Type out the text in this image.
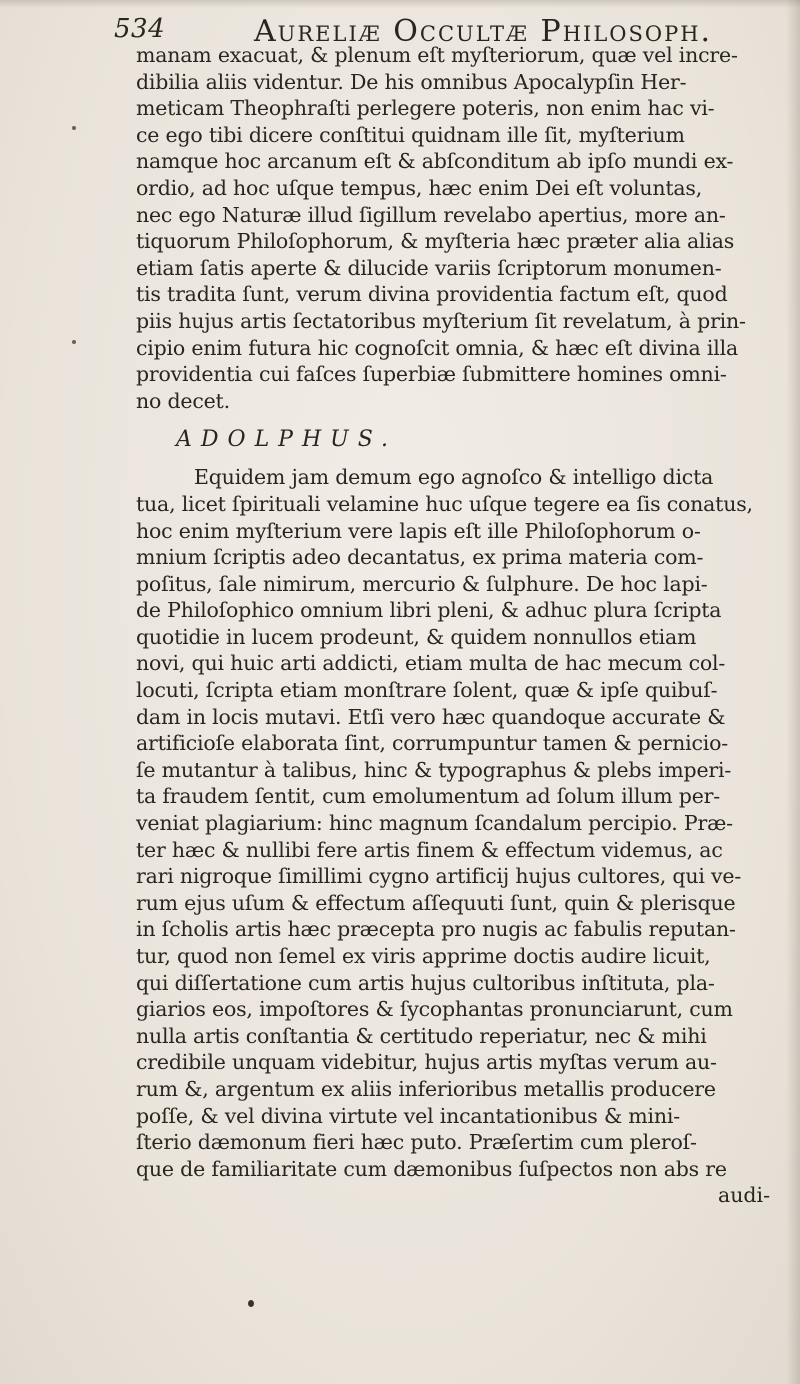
534	Aureliæ Occultæ Philosoph.
manam exacuat, & plenum eſt myſteriorum, quæ vel incre-
dibilia aliis videntur. De his omnibus Apocalypſin Her-
meticam Theophraſti perlegere poteris, non enim hac vi-
ce ego tibi dicere conſtitui quidnam ille ſit, myſterium
namque hoc arcanum eſt & abſconditum ab ipſo mundi ex-
ordio, ad hoc uſque tempus, hæc enim Dei eſt voluntas,
nec ego Naturæ illud ſigillum revelabo apertius, more an-
tiquorum Philoſophorum, & myſteria hæc præter alia alias
etiam ſatis aperte & dilucide variis ſcriptorum monumen-
tis tradita ſunt, verum divina providentia factum eſt, quod
piis hujus artis ſectatoribus myſterium ſit revelatum, à prin-
cipio enim futura hic cognoſcit omnia, & hæc eſt divina illa
providentia cui faſces ſuperbiæ ſubmittere homines omni-
no decet.
ADOLPHUS.
Equidem jam demum ego agnoſco & intelligo dicta
tua, licet ſpirituali velamine huc uſque tegere ea ſis conatus,
hoc enim myſterium vere lapis eſt ille Philoſophorum o-
mnium ſcriptis adeo decantatus, ex prima materia com-
poſitus, ſale nimirum, mercurio & ſulphure. De hoc lapi-
de Philoſophico omnium libri pleni, & adhuc plura ſcripta
quotidie in lucem prodeunt, & quidem nonnullos etiam
novi, qui huic arti addicti, etiam multa de hac mecum col-
locuti, ſcripta etiam monſtrare ſolent, quæ & ipſe quibuſ-
dam in locis mutavi. Etſi vero hæc quandoque accurate &
artificioſe elaborata ſint, corrumpuntur tamen & pernicio-
ſe mutantur à talibus, hinc & typographus & plebs imperi-
ta fraudem ſentit, cum emolumentum ad ſolum illum per-
veniat plagiarium: hinc magnum ſcandalum percipio. Præ-
ter hæc & nullibi fere artis finem & effectum videmus, ac
rari nigroque ſimillimi cygno artificij hujus cultores, qui ve-
rum ejus uſum & effectum aſſequuti ſunt, quin & plerisque
in ſcholis artis hæc præcepta pro nugis ac fabulis reputan-
tur, quod non ſemel ex viris apprime doctis audire licuit,
qui diſſertatione cum artis hujus cultoribus inſtituta, pla-
giarios eos, impoſtores & ſycophantas pronunciarunt, cum
nulla artis conſtantia & certitudo reperiatur, nec & mihi
credibile unquam videbitur, hujus artis myſtas verum au-
rum &, argentum ex aliis inferioribus metallis producere
poſſe, & vel divina virtute vel incantationibus & mini-
ſterio dæmonum fieri hæc puto. Præſertim cum pleroſ-
que de familiaritate cum dæmonibus ſuſpectos non abs re
audi-
